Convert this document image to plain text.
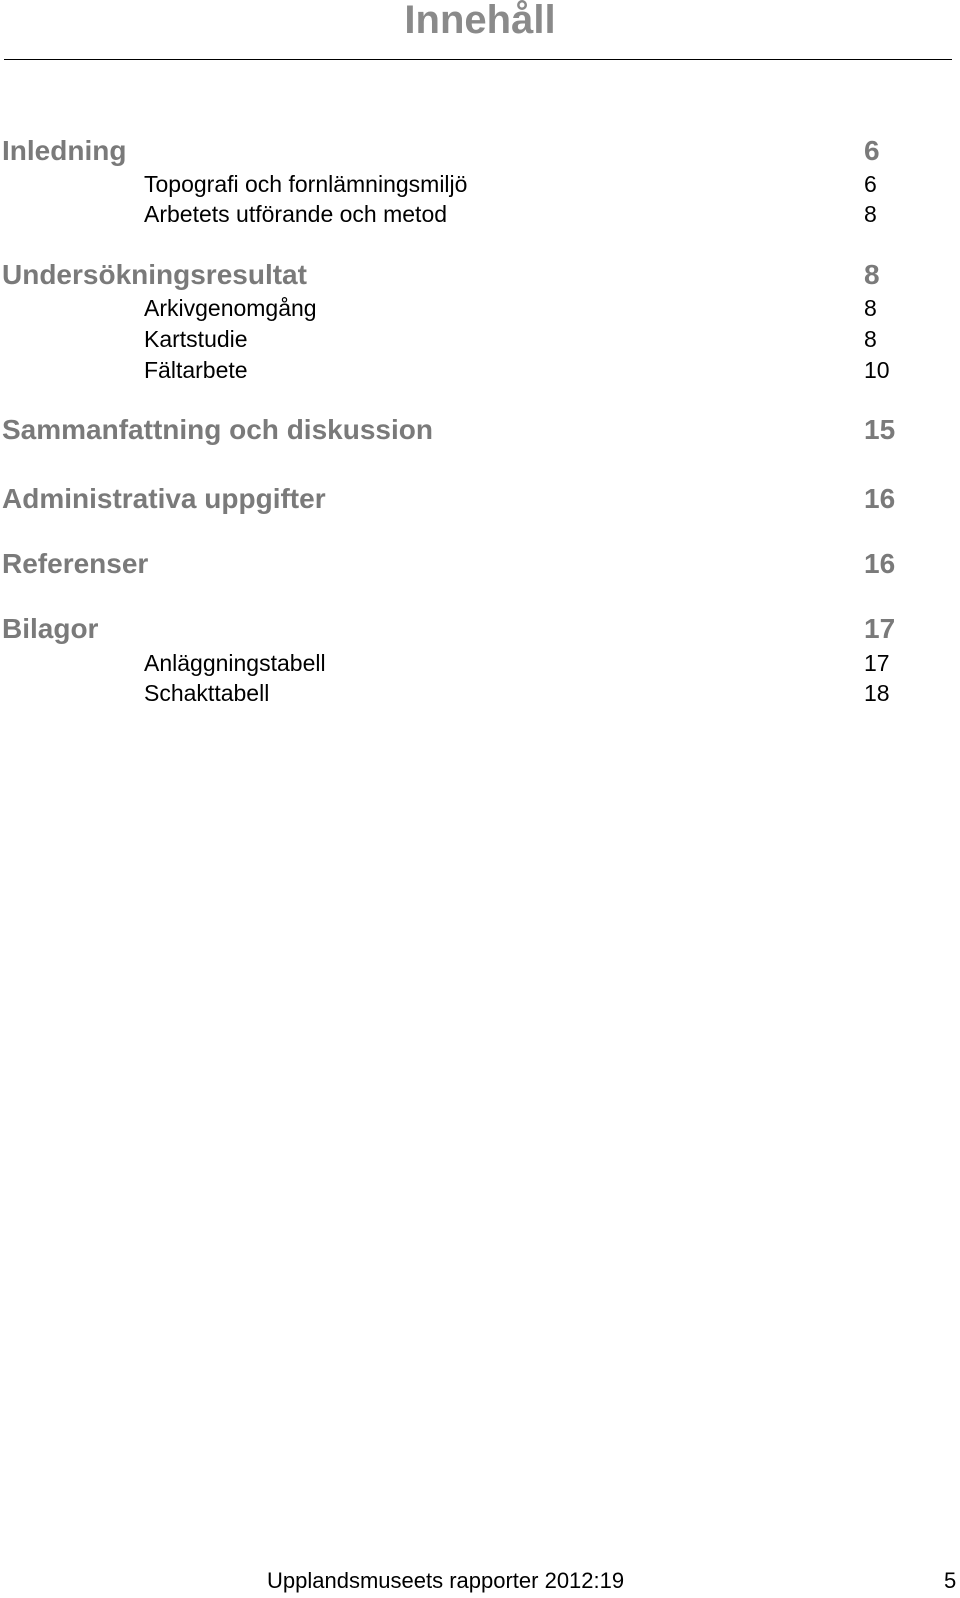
Innehåll
Inledning	6
Topografi och fornlämningsmiljö	6
Arbetets utförande och metod	8
Undersökningsresultat	8
Arkivgenomgång	8
Kartstudie	8
Fältarbete	10
Sammanfattning och diskussion	15
Administrativa uppgifter	16
Referenser	16
Bilagor	17
Anläggningstabell	17
Schakttabell	18
Upplandsmuseets rapporter 2012:19	5
